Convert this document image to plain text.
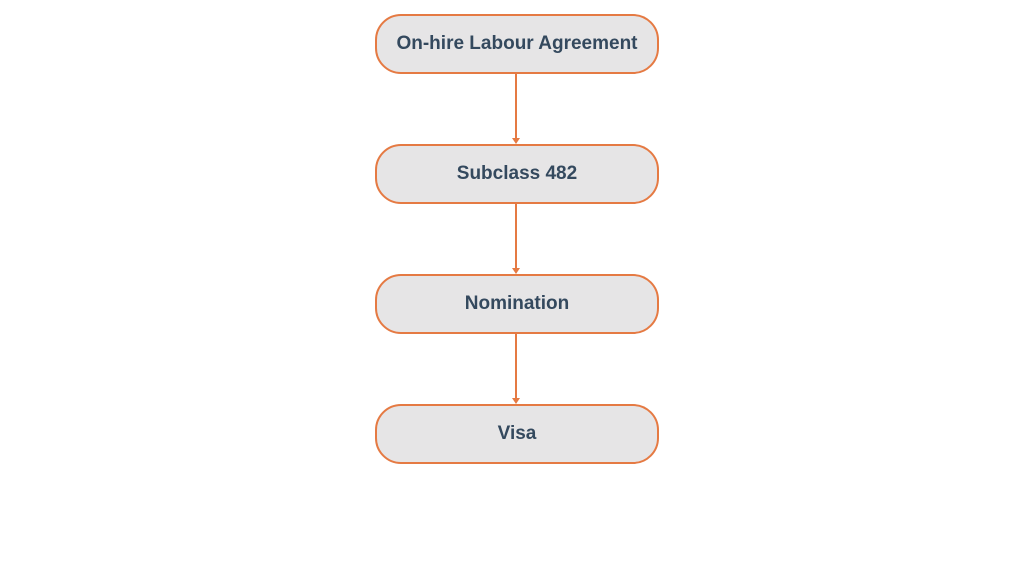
On-hire Labour Agreement
Subclass 482
Nomination
Visa
